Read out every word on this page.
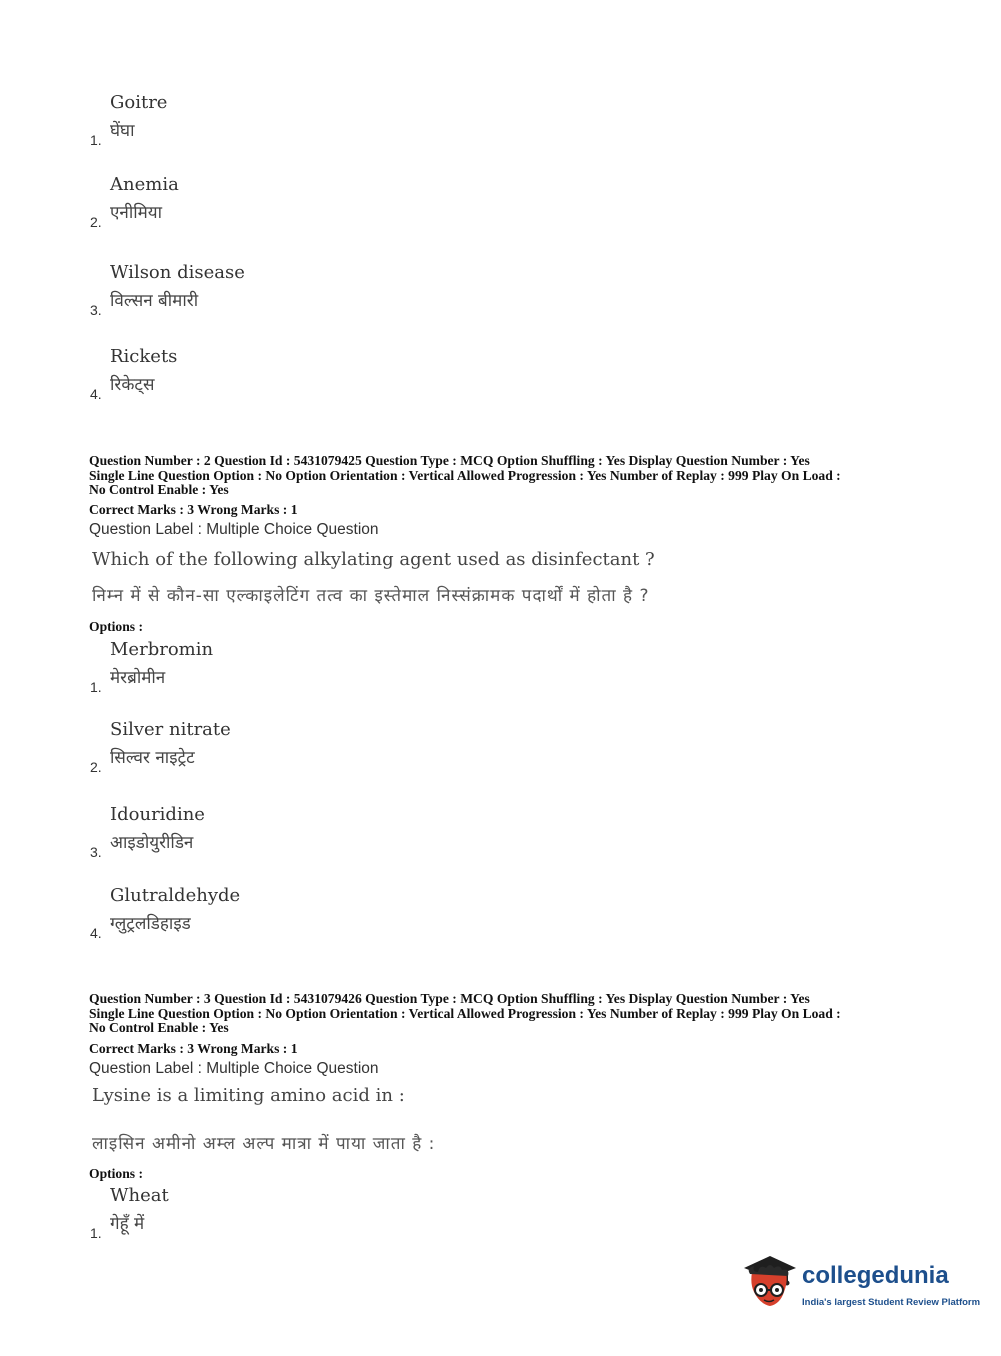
Goitre
घेंघा
1.
Anemia
एनीमिया
2.
Wilson disease
विल्सन बीमारी
3.
Rickets
रिकेट्स
4.
Question Number : 2 Question Id : 5431079425 Question Type : MCQ Option Shuffling : Yes Display Question Number : Yes
Single Line Question Option : No Option Orientation : Vertical Allowed Progression : Yes Number of Replay : 999 Play On Load :
No Control Enable : Yes
Correct Marks : 3 Wrong Marks : 1
Question Label : Multiple Choice Question
Which of the following alkylating agent used as disinfectant ?
निम्न में से कौन-सा एल्काइलेटिंग तत्व का इस्तेमाल निस्संक्रामक पदार्थों में होता है ?
Options :
Merbromin
मेरब्रोमीन
1.
Silver nitrate
सिल्वर नाइट्रेट
2.
Idouridine
आइडोयुरीडिन
3.
Glutraldehyde
ग्लुट्रलडिहाइड
4.
Question Number : 3 Question Id : 5431079426 Question Type : MCQ Option Shuffling : Yes Display Question Number : Yes
Single Line Question Option : No Option Orientation : Vertical Allowed Progression : Yes Number of Replay : 999 Play On Load :
No Control Enable : Yes
Correct Marks : 3 Wrong Marks : 1
Question Label : Multiple Choice Question
Lysine is a limiting amino acid in :
लाइसिन अमीनो अम्ल अल्प मात्रा में पाया जाता है :
Options :
Wheat
गेहूँ में
1.
collegedunia
India's largest Student Review Platform
